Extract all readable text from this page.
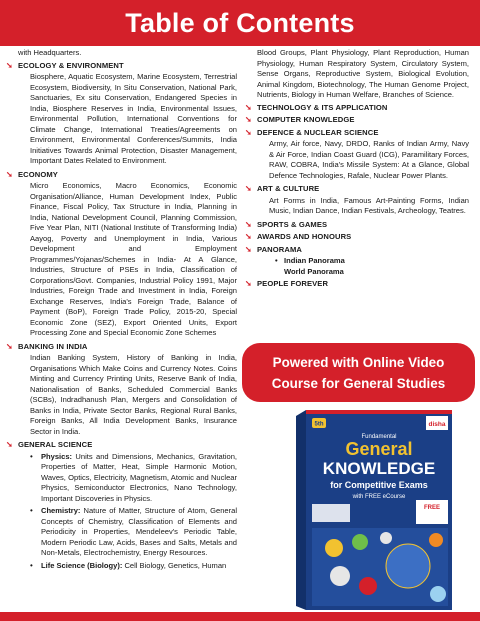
Table of Contents
with Headquarters.
➘ ECOLOGY & ENVIRONMENT
Biosphere, Aquatic Ecosystem, Marine Ecosystem, Terrestrial Ecosystem, Biodiversity, In Situ Conservation, National Park, Sanctuaries, Ex situ Conservation, Endangered Species in India, Biosphere Reserves in India, Environmental Issues, Environmental Pollution, International Conventions for Climate Change, International Treaties/Agreements on Environment, Environmental Conferences/Summits, India Initiatives Towards Animal Protection, Disaster Management, Important Dates Related to Environment.
➘ ECONOMY
Micro Economics, Macro Economics, Economic Organisation/Alliance, Human Development Index, Public Finance, Fiscal Policy, Tax Structure in India, Planning in India, National Development Council, Planning Commission, Five Year Plan, NITI (National Institute of Transforming India) Aayog, Poverty and Unemployment in India, Various Development and Employment Programmes/Yojanas/Schemes in India- At A Glance, Industries, Structure of PSEs in India, Classification of Corporations/Govt. Companies, Industrial Policy 1991, Major Industries, Foreign Trade and Investment in India, Foreign Exchange Reserves, India's Foreign Trade, Balance of Payment (BoP), Foreign Trade Policy, 2015-20, Special Economic Zone (SEZ), Export Oriented Units, Export Processing Zone and Special Economic Zone Schemes
➘ BANKING IN INDIA
Indian Banking System, History of Banking in India, Organisations Which Make Coins and Currency Notes. Coins Minting and Currency Printing Units, Reserve Bank of India, Nationalisation of Banks, Scheduled Commercial Banks (SCBs), Indradhanush Plan, Mergers and Consolidation of Banks in India, Private Sector Banks, Regional Rural Banks, Foreign Banks, All India Development Banks, Insurance Sector in India.
➘ GENERAL SCIENCE
•	Physics: Units and Dimensions, Mechanics, Gravitation, Properties of Matter, Heat, Simple Harmonic Motion, Waves, Optics, Electricity, Magnetism, Atomic and Nuclear Physics, Semiconductor Electronics, Nano Technology, Important Discoveries in Physics.
•	Chemistry: Nature of Matter, Structure of Atom, General Concepts of Chemistry, Classification of Elements and Periodicity in Properties, Mendeleev's Periodic Table, Modern Periodic Law, Acids, Bases and Salts, Metals and Non-Metals, Electrochemistry, Energy Resources.
•	Life Science (Biology): Cell Biology, Genetics, Human
Blood Groups, Plant Physiology, Plant Reproduction, Human Physiology, Human Respiratory System, Circulatory System, Sense Organs, Reproductive System, Biological Evolution, Animal Kingdom, Biotechnology, The Human Genome Project, Nutrients, Biology in Human Welfare, Branches of Science.
➘ TECHNOLOGY & ITS APPLICATION
➘ COMPUTER KNOWLEDGE
➘ DEFENCE & NUCLEAR SCIENCE
Army, Air force, Navy, DRDO, Ranks of Indian Army, Navy & Air Force, Indian Coast Guard (ICG), Paramilitary Forces, RAW, COBRA, India's Missile System: At a Glance, Global Defence Technologies, Rafale, Nuclear Power Plants.
➘ ART & CULTURE
Art Forms in India, Famous Art-Painting Forms, Indian Music, Indian Dance, Indian Festivals, Archeology, Teatres.
➘ SPORTS & GAMES
➘ AWARDS AND HONOURS
➘ PANORAMA
• Indian Panorama
World Panorama
➘ PEOPLE FOREVER
Powered with Online Video
Course for General Studies
5th	disha
Fundamental
General
KNOWLEDGE
for Competitive Exams
with FREE eCourse
FREE
